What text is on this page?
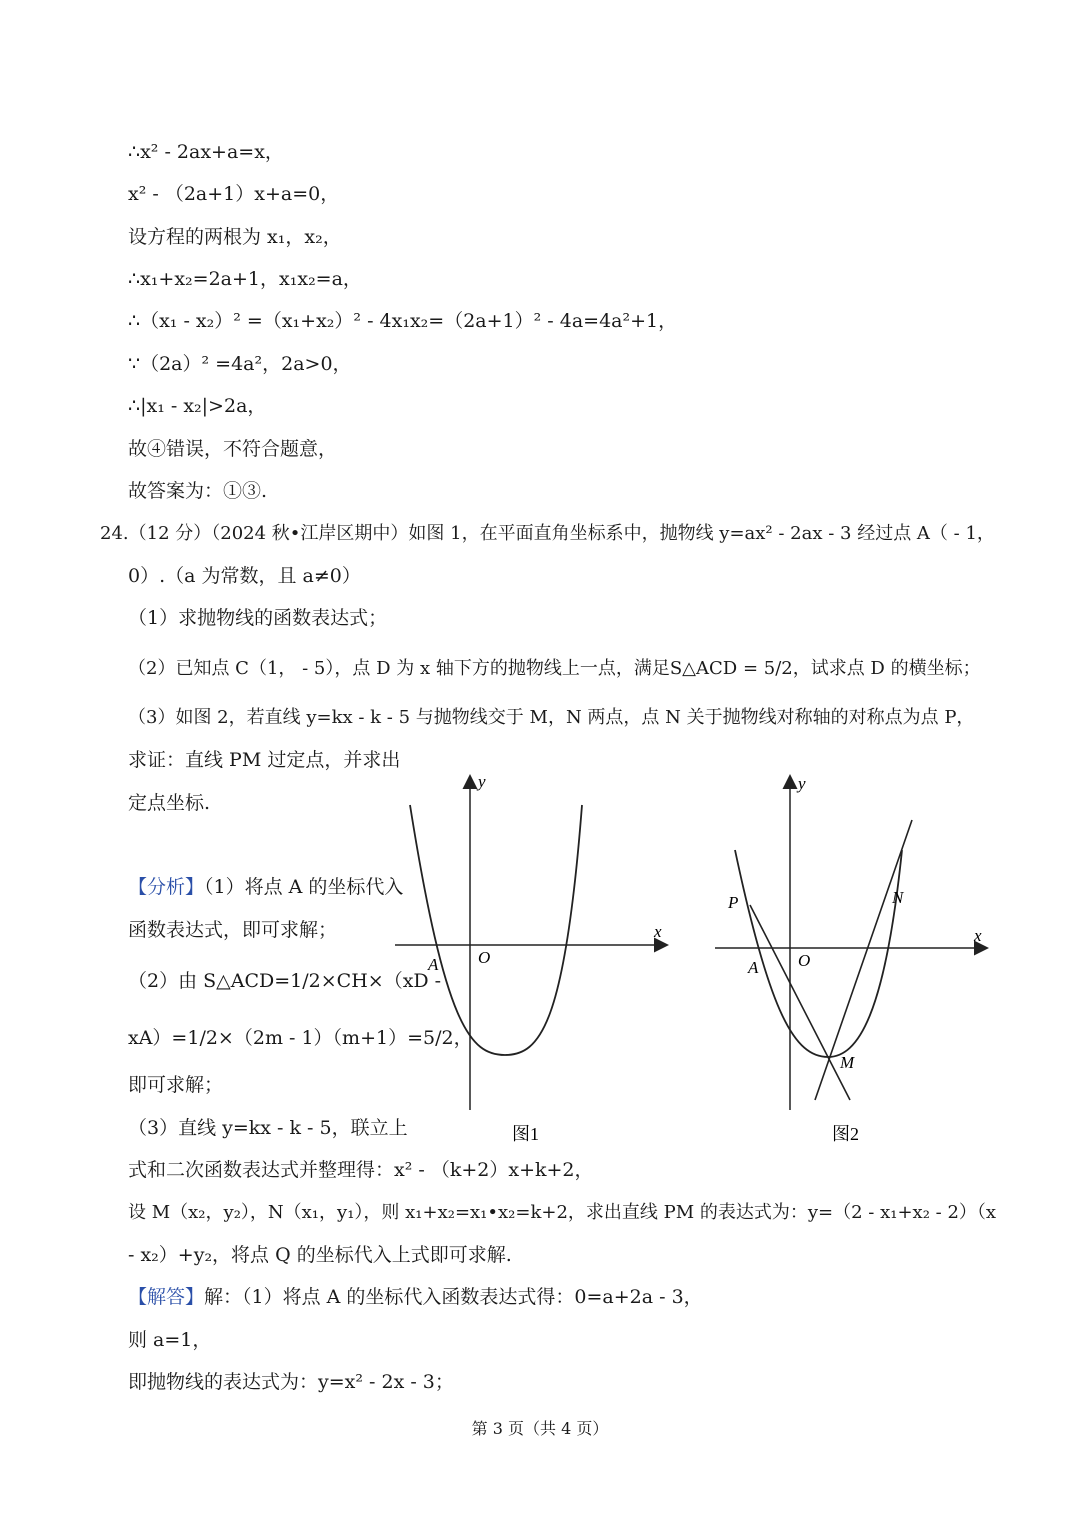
∴x² - 2ax+a=x，
x² - （2a+1）x+a=0，
设方程的两根为 x₁，x₂，
∴x₁+x₂=2a+1，x₁x₂=a，
∴（x₁ - x₂）² =（x₁+x₂）² - 4x₁x₂=（2a+1）² - 4a=4a²+1，
∵（2a）² =4a²，2a>0，
∴|x₁ - x₂|>2a，
故④错误，不符合题意，
故答案为：①③.
24.（12 分）（2024 秋•江岸区期中）如图 1，在平面直角坐标系中，抛物线 y=ax² - 2ax - 3 经过点 A（ - 1，
0）.（a 为常数，且 a≠0）
（1）求抛物线的函数表达式；
（2）已知点 C（1， - 5），点 D 为 x 轴下方的抛物线上一点，满足S△ACD = 5/2，试求点 D 的横坐标；
（3）如图 2，若直线 y=kx - k - 5 与抛物线交于 M，N 两点，点 N 关于抛物线对称轴的对称点为点 P，
求证：直线 PM 过定点，并求出
定点坐标.
【分析】（1）将点 A 的坐标代入
函数表达式，即可求解；
（2）由 S△ACD=1/2×CH×（xD -
xA）=1/2×（2m - 1）（m+1）=5/2，
即可求解；
（3）直线 y=kx - k - 5，联立上
式和二次函数表达式并整理得：x² - （k+2）x+k+2，
设 M（x₂，y₂），N（x₁，y₁），则 x₁+x₂=x₁•x₂=k+2，求出直线 PM 的表达式为：y=（2 - x₁+x₂ - 2）（x
- x₂）+y₂，将点 Q 的坐标代入上式即可求解.
【解答】解：（1）将点 A 的坐标代入函数表达式得：0=a+2a - 3，
则 a=1，
即抛物线的表达式为：y=x² - 2x - 3；
y
x
O
A
图1
y
x
O
A
P	N
M
图2
第 3 页（共 4 页）
